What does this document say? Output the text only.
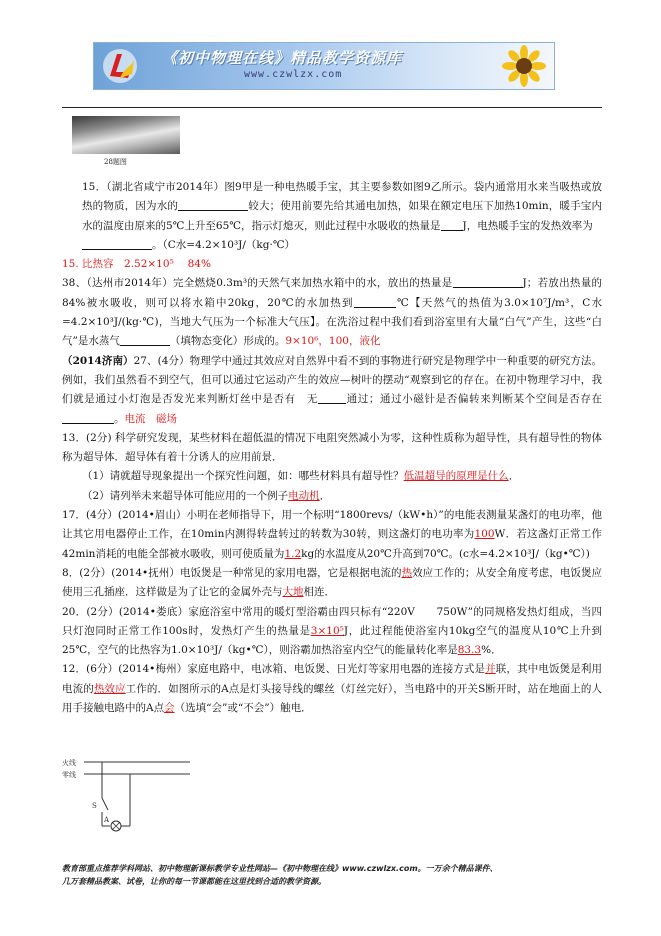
《初中物理在线》精品教学资源库
www.czwlzx.com
28题图

15．（湖北省咸宁市2014年）图9甲是一种电热暖手宝，其主要参数如图9乙所示。袋内通常用水来当吸热或放热的物质，因为水的	较大；使用前要先给其通电加热，如果在额定电压下加热10min，暖手宝内水的温度由原来的5℃上升至65℃，指示灯熄灭，则此过程中水吸收的热量是 J，电热暖手宝的发热效率为
。（C水=4.2×10³J/（kg·℃）

15. 比热容　2.52×10⁵　 84%

38、（达州市2014年）完全燃烧0.3m³的天然气来加热水箱中的水，放出的热量是	J；若放出热量的84%被水吸收，则可以将水箱中20kg，20℃的水加热到	℃【天然气的热值为3.0×10⁷J/m³，C水=4.2×10³J/(kg·℃)，当地大气压为一个标准大气压】。在洗浴过程中我们看到浴室里有大量“白气”产生，这些“白气”是水蒸气	（填物态变化）形成的。9×10⁶，100，液化

（2014济南）27、(4分）物理学中通过其效应对自然界中看不到的事物进行研究是物理学中一种重要的研究方法。例如，我们虽然看不到空气，但可以通过它运动产生的效应—树叶的摆动“观察到它的存在。在初中物理学习中，我们就是通过小灯泡是否发光来判断灯丝中是否有　无	通过；通过小磁针是否偏转来判断某个空间是否存在。电流　磁场

13．(2分) 科学研究发现，某些材料在超低温的情况下电阻突然减小为零，这种性质称为超导性，具有超导性的物体称为超导体．超导体有着十分诱人的应用前景．

（1）请就超导现象提出一个探究性问题，如：哪些材料具有超导性？低温超导的原理是什么．

（2）请列举未来超导体可能应用的一个例子电动机．

17．(4分）(2014•眉山）小明在老师指导下，用一个标明“1800revs/（kW•h）”的电能表测量某盏灯的电功率，他让其它用电器停止工作，在10min内测得转盘转过的转数为30转，则这盏灯的电功率为100W．若这盏灯正常工作42min消耗的电能全部被水吸收，则可使质量为1.2kg的水温度从20℃升高到70℃。(c水=4.2×10³J/（kg•℃）)

8．(2分）(2014•抚州）电饭煲是一种常见的家用电器，它是根据电流的热效应工作的；从安全角度考虑，电饭煲应使用三孔插座．这样做是为了让它的金属外壳与大地相连．

20．(2分）(2014•娄底）家庭浴室中常用的暖灯型浴霸由四只标有“220V　　750W”的同规格发热灯组成，当四只灯泡同时正常工作100s时，发热灯产生的热量是3×10⁵J，此过程能使浴室内10kg空气的温度从10℃上升到25℃，空气的比热容为1.0×10³J/（kg•℃），则浴霸加热浴室内空气的能量转化率是83.3%．

12．(6分）(2014•梅州）家庭电路中，电冰箱、电饭煲、日光灯等家用电器的连接方式是并联，其中电饭煲是利用电流的热效应工作的．如图所示的A点是灯头接导线的螺丝（灯丝完好），当电路中的开关S断开时，站在地面上的人用手接触电路中的A点会（选填“会”或“不会”）触电．

火线
零线
S
A
教育部重点推荐学科网站、初中物理新课标教学专业性网站—《初中物理在线》www.czwlzx.com。一万余个精品课件、
几万套精品教案、试卷，让你的每一节课都能在这里找到合适的教学资源。
